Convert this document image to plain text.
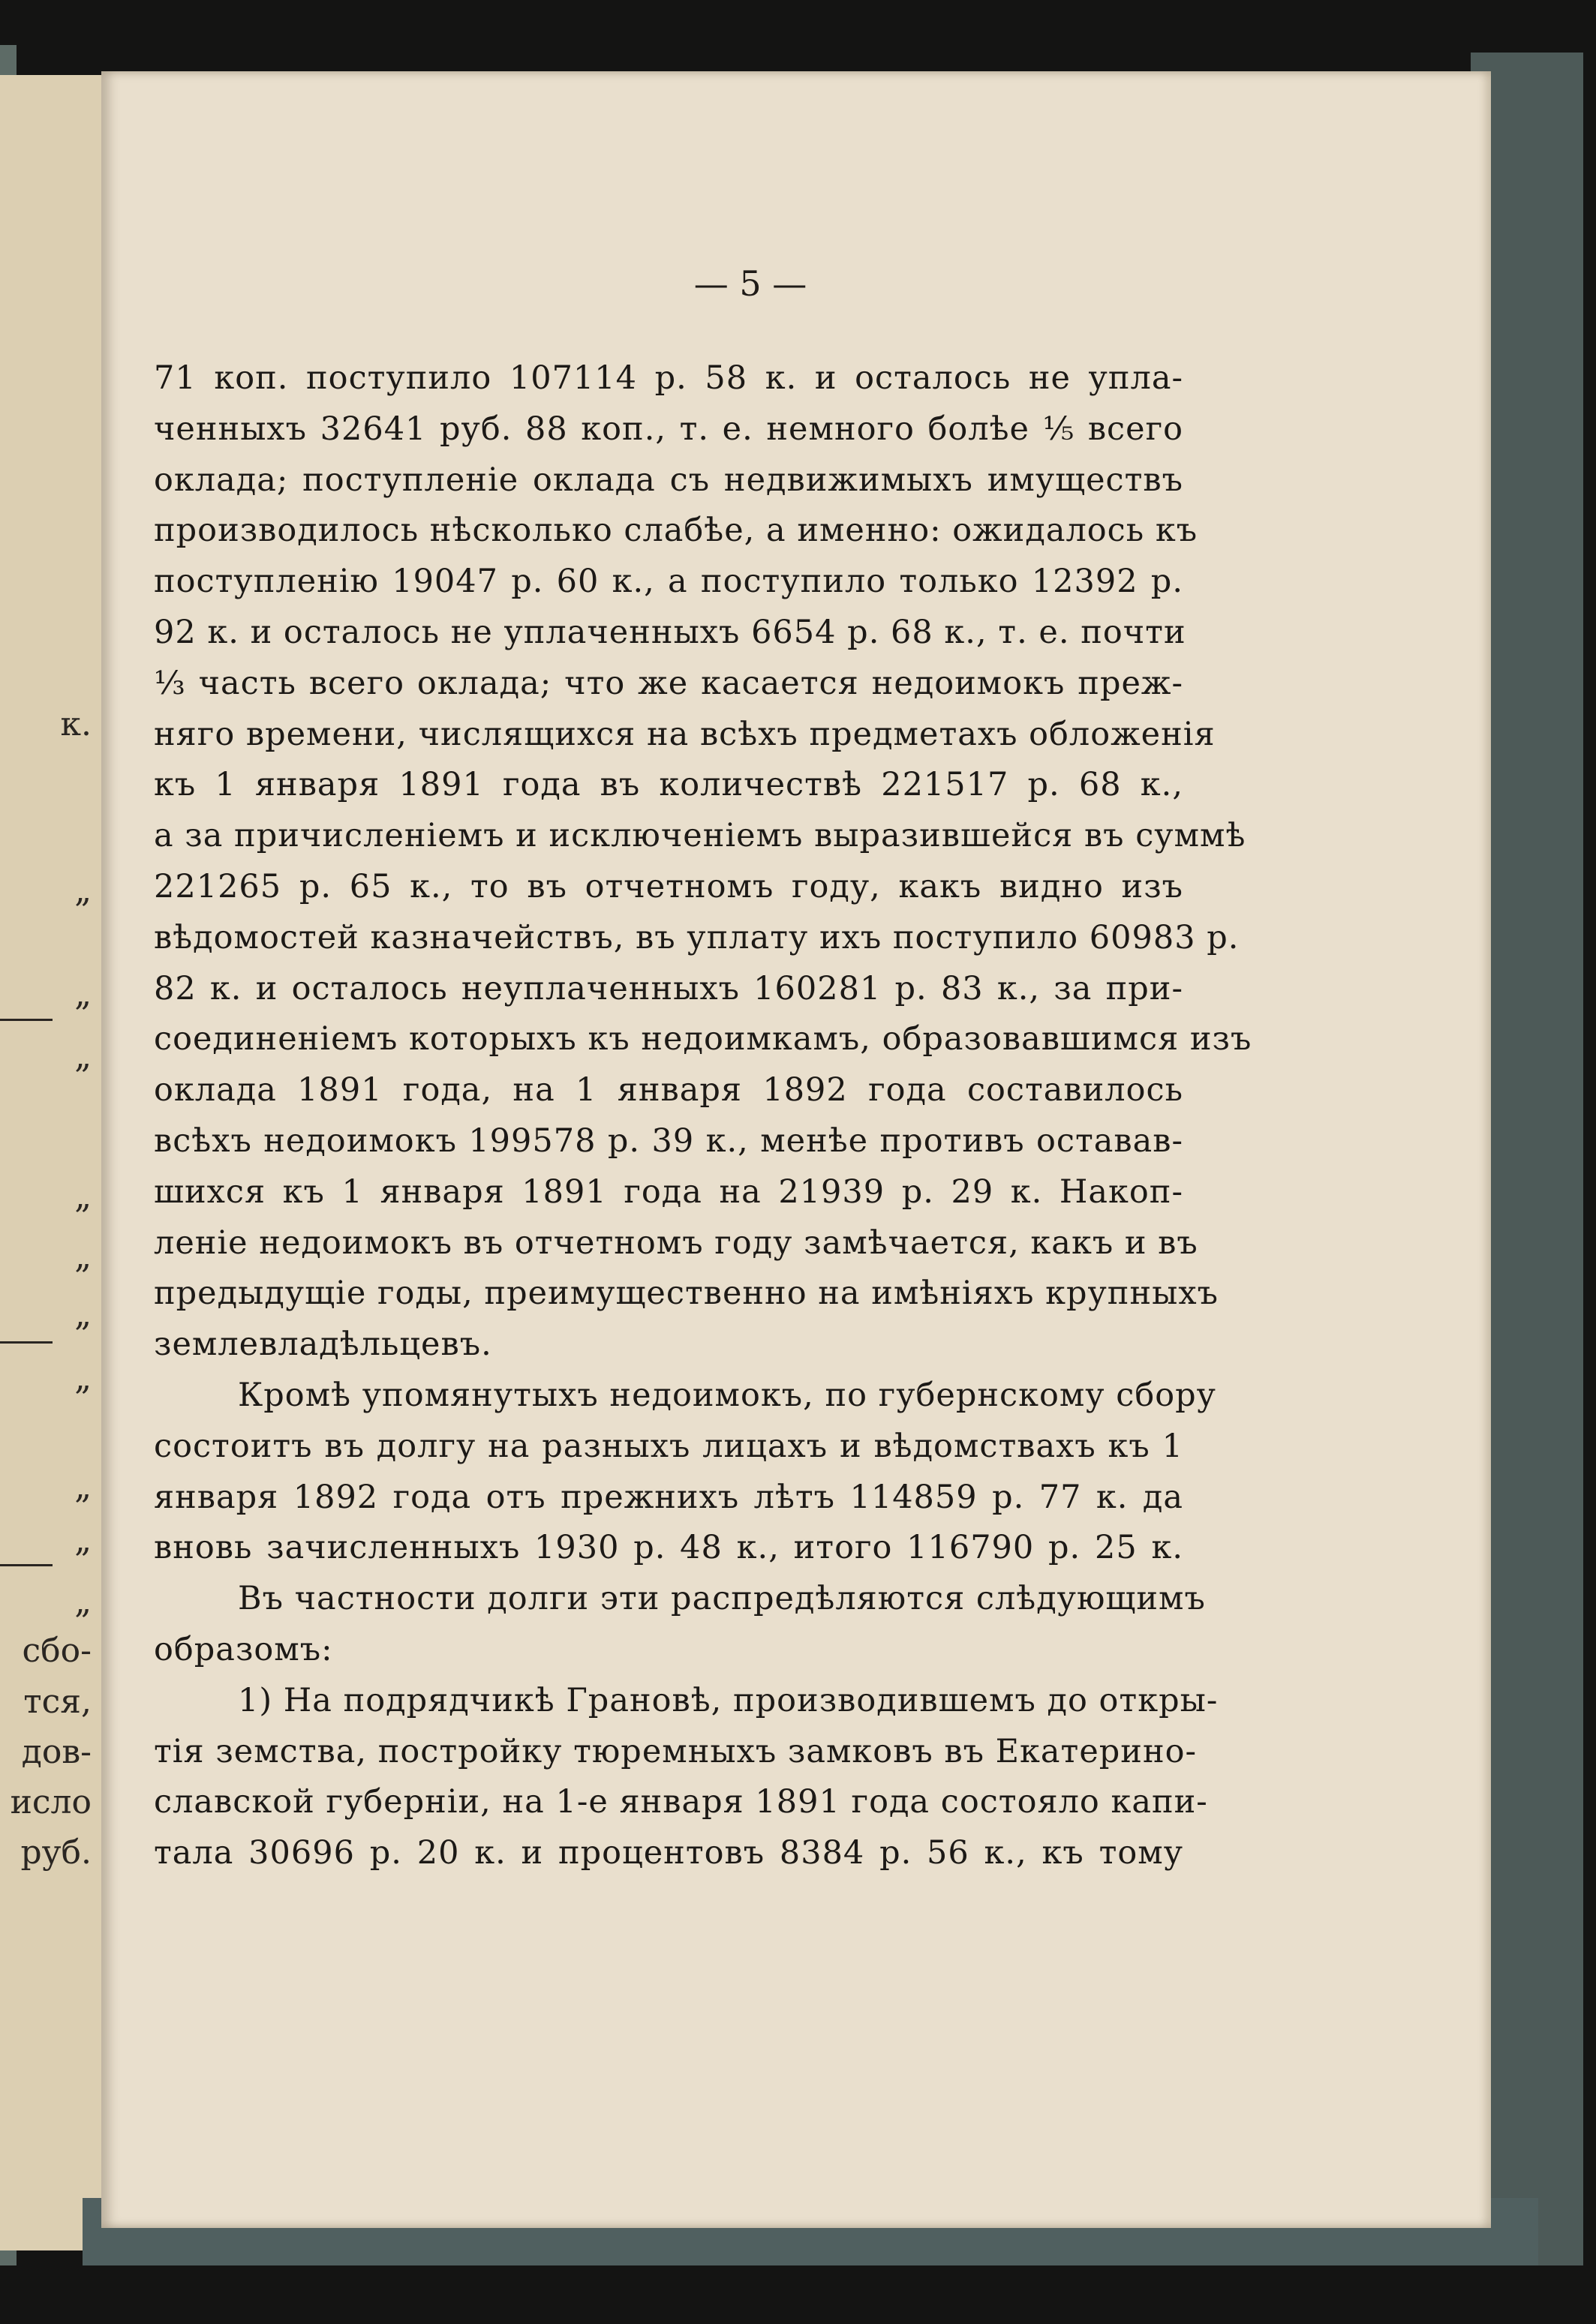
к.
„
„
„
„
„
„
„
„
„
„
сбо-
тся,
дов-
исло
руб.
— 5 —
71 коп. поступило 107114 р. 58 к. и осталось не упла-
ченныхъ 32641 руб. 88 коп., т. е. немного болѣе ⅕ всего
оклада; поступленіе оклада съ недвижимыхъ имуществъ
производилось нѣсколько слабѣе, а именно: ожидалось къ
поступленію 19047 р. 60 к., а поступило только 12392 р.
92 к. и осталось не уплаченныхъ 6654 р. 68 к., т. е. почти
⅓ часть всего оклада; что же касается недоимокъ преж-
няго времени, числящихся на всѣхъ предметахъ обложенія
къ 1 января 1891 года въ количествѣ 221517 р. 68 к.,
а за причисленіемъ и исключеніемъ выразившейся въ суммѣ
221265 р. 65 к., то въ отчетномъ году, какъ видно изъ
вѣдомостей казначействъ, въ уплату ихъ поступило 60983 р.
82 к. и осталось неуплаченныхъ 160281 р. 83 к., за при-
соединеніемъ которыхъ къ недоимкамъ, образовавшимся изъ
оклада 1891 года, на 1 января 1892 года составилось
всѣхъ недоимокъ 199578 р. 39 к., менѣе противъ оставав-
шихся къ 1 января 1891 года на 21939 р. 29 к. Накоп-
леніе недоимокъ въ отчетномъ году замѣчается, какъ и въ
предыдущіе годы, преимущественно на имѣніяхъ крупныхъ
землевладѣльцевъ.
Кромѣ упомянутыхъ недоимокъ, по губернскому сбору
состоитъ въ долгу на разныхъ лицахъ и вѣдомствахъ къ 1
января 1892 года отъ прежнихъ лѣтъ 114859 р. 77 к. да
вновь зачисленныхъ 1930 р. 48 к., итого 116790 р. 25 к.
Въ частности долги эти распредѣляются слѣдующимъ
образомъ:
1) На подрядчикѣ Грановѣ, производившемъ до откры-
тія земства, постройку тюремныхъ замковъ въ Екатерино-
славской губерніи, на 1-е января 1891 года состояло капи-
тала 30696 р. 20 к. и процентовъ 8384 р. 56 к., къ тому
